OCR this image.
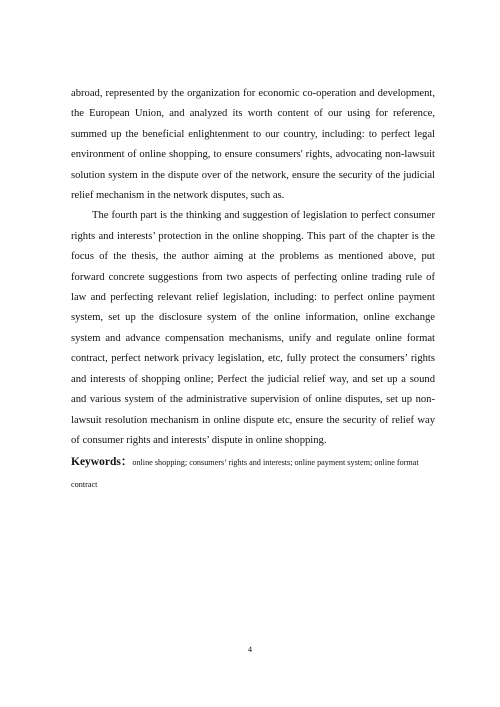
abroad, represented by the organization for economic co-operation and development, the European Union, and analyzed its worth content of our using for reference, summed up the beneficial enlightenment to our country, including: to perfect legal environment of online shopping, to ensure consumers' rights, advocating non-lawsuit solution system in the dispute over of the network, ensure the security of the judicial relief mechanism in the network disputes, such as.

The fourth part is the thinking and suggestion of legislation to perfect consumer rights and interests’ protection in the online shopping. This part of the chapter is the focus of the thesis, the author aiming at the problems as mentioned above, put forward concrete suggestions from two aspects of perfecting online trading rule of law and perfecting relevant relief legislation, including: to perfect online payment system, set up the disclosure system of the online information, online exchange system and advance compensation mechanisms, unify and regulate online format contract, perfect network privacy legislation, etc, fully protect the consumers’ rights and interests of shopping online; Perfect the judicial relief way, and set up a sound and various system of the administrative supervision of online disputes, set up non-lawsuit resolution mechanism in online dispute etc, ensure the security of relief way of consumer rights and interests’ dispute in online shopping.

Keywords：online shopping; consumers’ rights and interests; online payment system; online format contract

4
